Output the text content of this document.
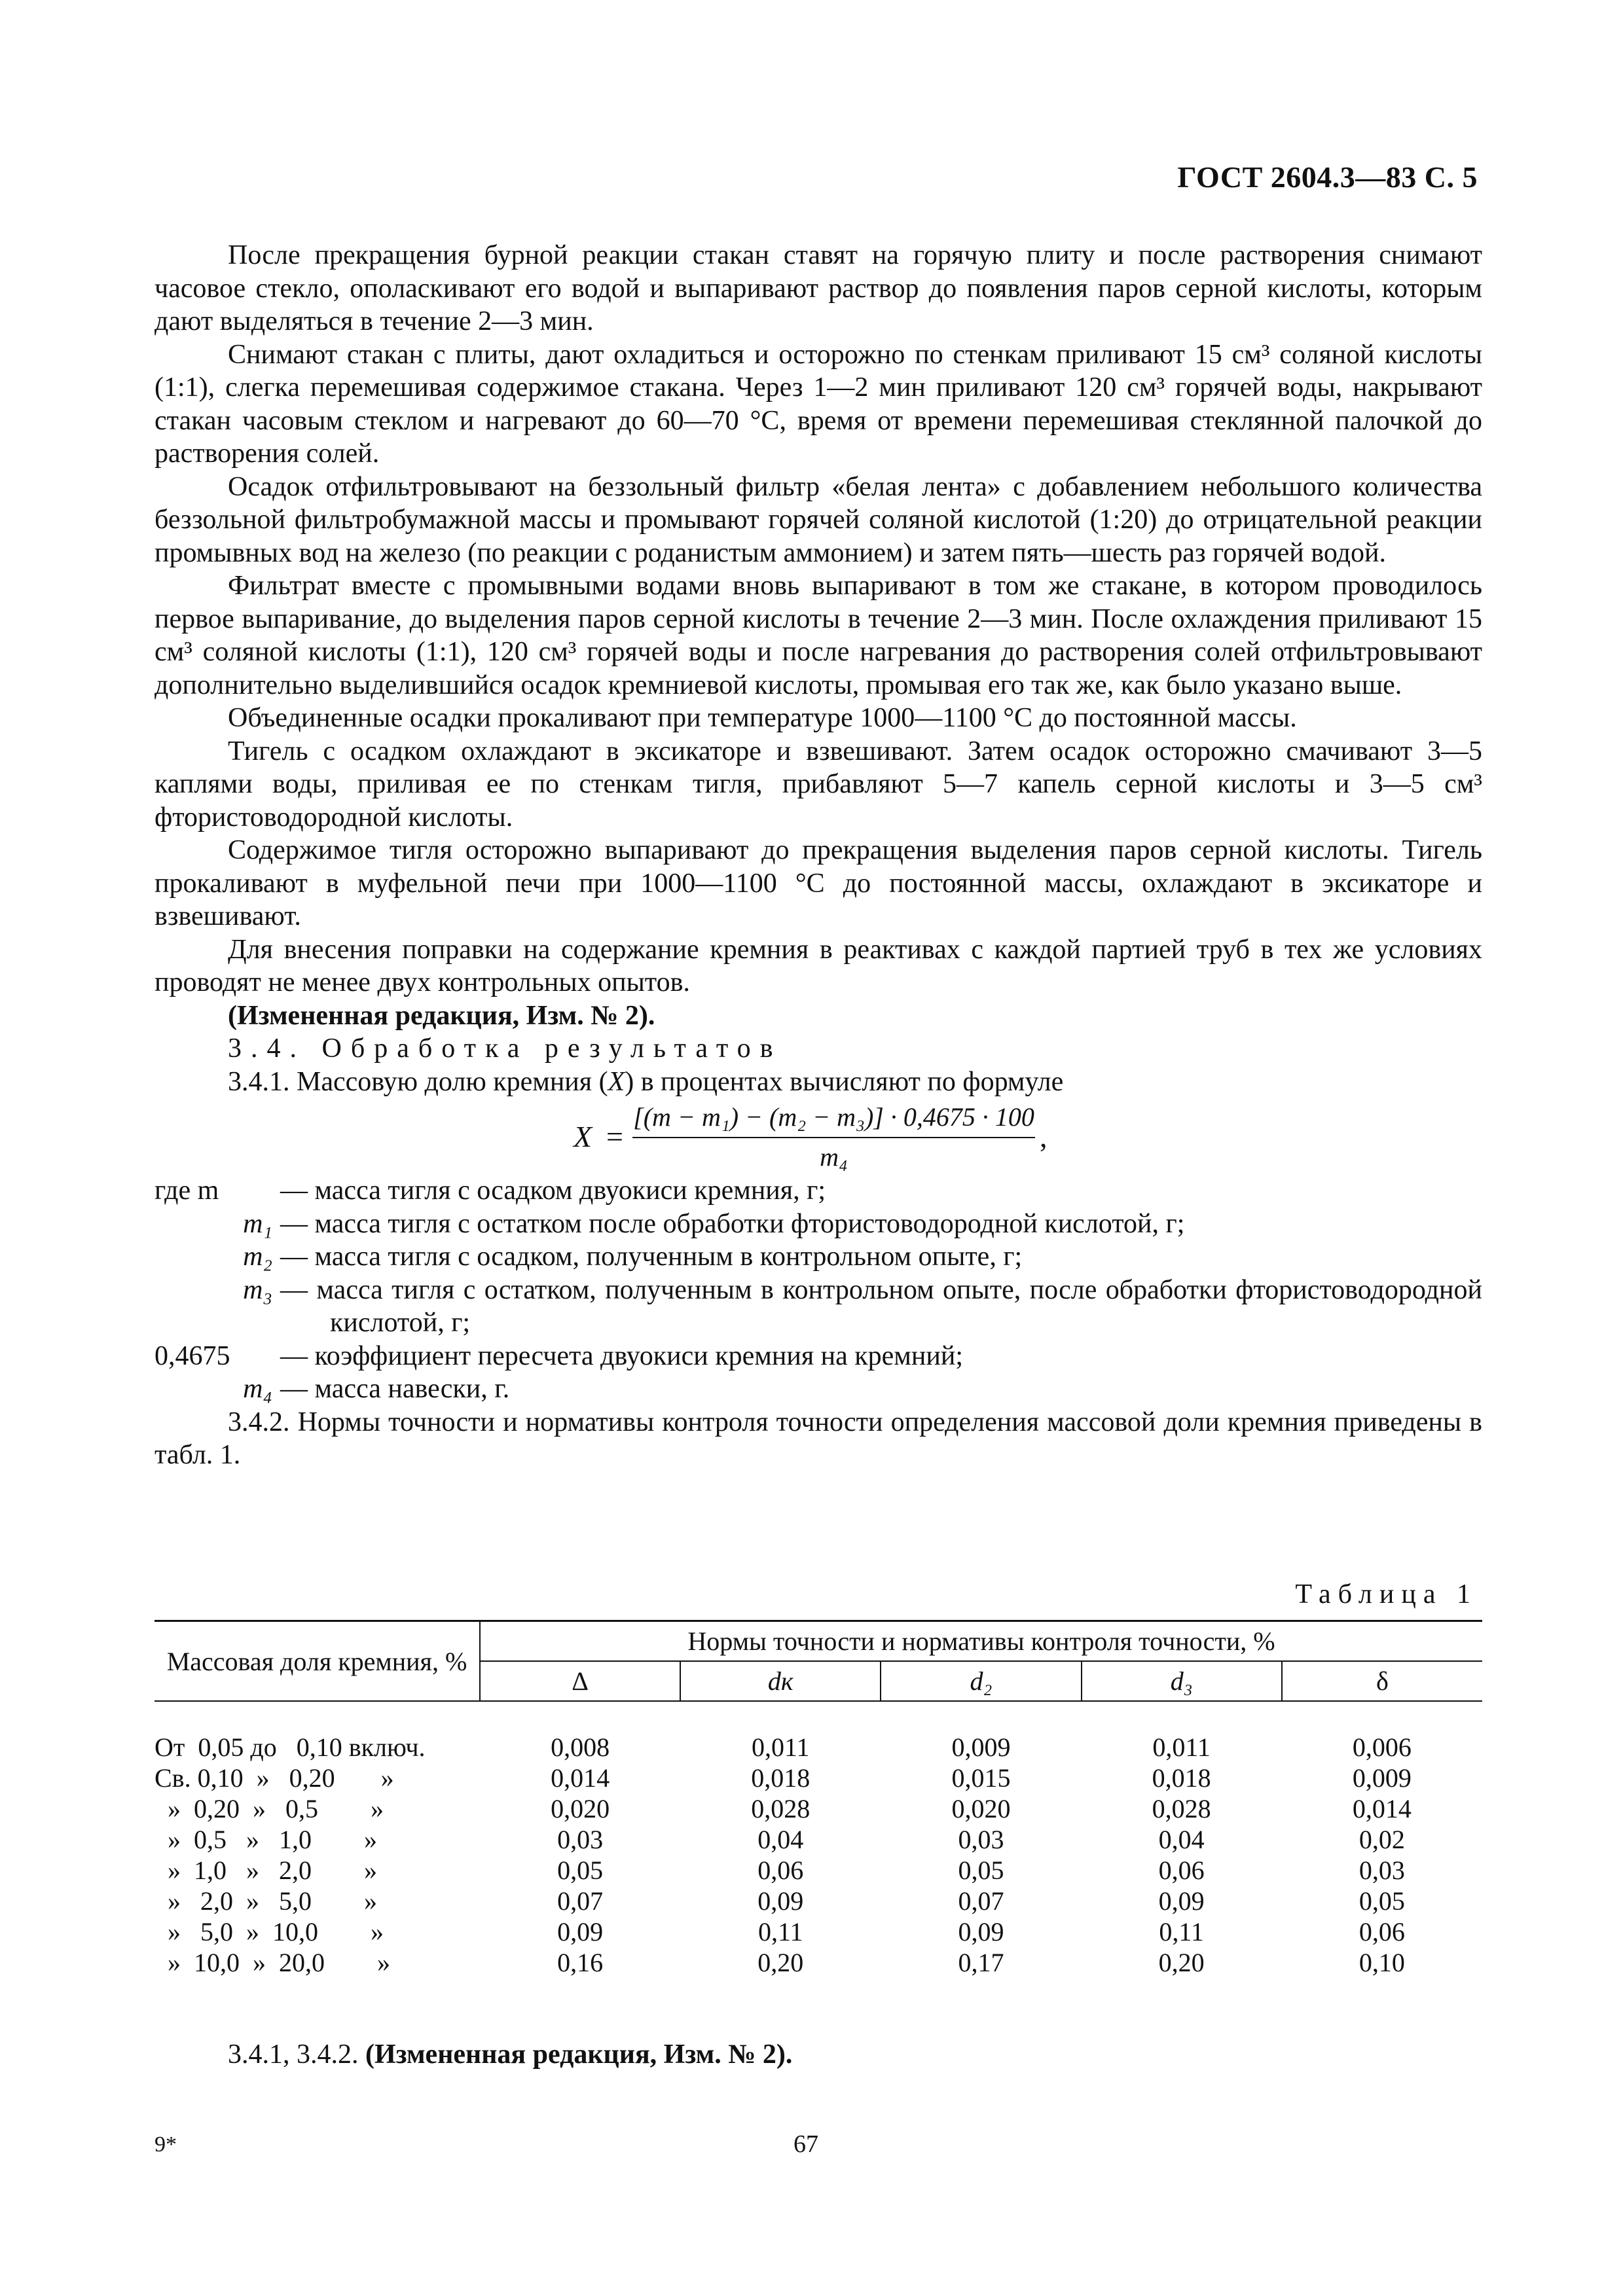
ГОСТ 2604.3—83 С. 5

После прекращения бурной реакции стакан ставят на горячую плиту и после растворения снимают часовое стекло, ополаскивают его водой и выпаривают раствор до появления паров серной кислоты, которым дают выделяться в течение 2—3 мин.

Снимают стакан с плиты, дают охладиться и осторожно по стенкам приливают 15 см³ соляной кислоты (1:1), слегка перемешивая содержимое стакана. Через 1—2 мин приливают 120 см³ горячей воды, накрывают стакан часовым стеклом и нагревают до 60—70 °С, время от времени перемешивая стеклянной палочкой до растворения солей.

Осадок отфильтровывают на беззольный фильтр «белая лента» с добавлением небольшого количества беззольной фильтробумажной массы и промывают горячей соляной кислотой (1:20) до отрицательной реакции промывных вод на железо (по реакции с роданистым аммонием) и затем пять—шесть раз горячей водой.

Фильтрат вместе с промывными водами вновь выпаривают в том же стакане, в котором проводилось первое выпаривание, до выделения паров серной кислоты в течение 2—3 мин. После охлаждения приливают 15 см³ соляной кислоты (1:1), 120 см³ горячей воды и после нагревания до растворения солей отфильтровывают дополнительно выделившийся осадок кремниевой кислоты, промывая его так же, как было указано выше.

Объединенные осадки прокаливают при температуре 1000—1100 °С до постоянной массы.

Тигель с осадком охлаждают в эксикаторе и взвешивают. Затем осадок осторожно смачивают 3—5 каплями воды, приливая ее по стенкам тигля, прибавляют 5—7 капель серной кислоты и 3—5 см³ фтористоводородной кислоты.

Содержимое тигля осторожно выпаривают до прекращения выделения паров серной кислоты. Тигель прокаливают в муфельной печи при 1000—1100 °С до постоянной массы, охлаждают в эксикаторе и взвешивают.

Для внесения поправки на содержание кремния в реактивах с каждой партией труб в тех же условиях проводят не менее двух контрольных опытов.

(Измененная редакция, Изм. № 2).

3.4. Обработка результатов

3.4.1. Массовую долю кремния (X) в процентах вычисляют по формуле

$X = \frac{\text{[(m − m₁) − (m₂ − m₃)] · 0,4675 · 100}}{\text{m₄}}$ ,
где m	— масса тигля с осадком двуокиси кремния, г;
m₁ — масса тигля с остатком после обработки фтористоводородной кислотой, г;
m₂ — масса тигля с осадком, полученным в контрольном опыте, г;
m₃ — масса тигля с остатком, полученным в контрольном опыте, после обработки фтористоводородной кислотой, г;
0,4675	— коэффициент пересчета двуокиси кремния на кремний;
m₄ — масса навески, г.

3.4.2. Нормы точности и нормативы контроля точности определения массовой доли кремния приведены в табл. 1.

Таблица 1
Массовая доля кремния, %	Нормы точности и нормативы контроля точности, %				
	Δ	dк	d₂	d₃	δ

От  0,05 до   0,10 включ.	0,008	0,011	0,009	0,011	0,006
Св. 0,10  »   0,20       »	0,014	0,018	0,015	0,018	0,009
»  0,20  »   0,5        »	0,020	0,028	0,020	0,028	0,014
»  0,5   »   1,0        »	0,03	0,04	0,03	0,04	0,02
»  1,0   »   2,0        »	0,05	0,06	0,05	0,06	0,03
»   2,0  »   5,0        »	0,07	0,09	0,07	0,09	0,05
»   5,0  »  10,0        »	0,09	0,11	0,09	0,11	0,06
»  10,0  »  20,0        »	0,16	0,20	0,17	0,20	0,10
3.4.1, 3.4.2. (Измененная редакция, Изм. № 2).
9*	67
